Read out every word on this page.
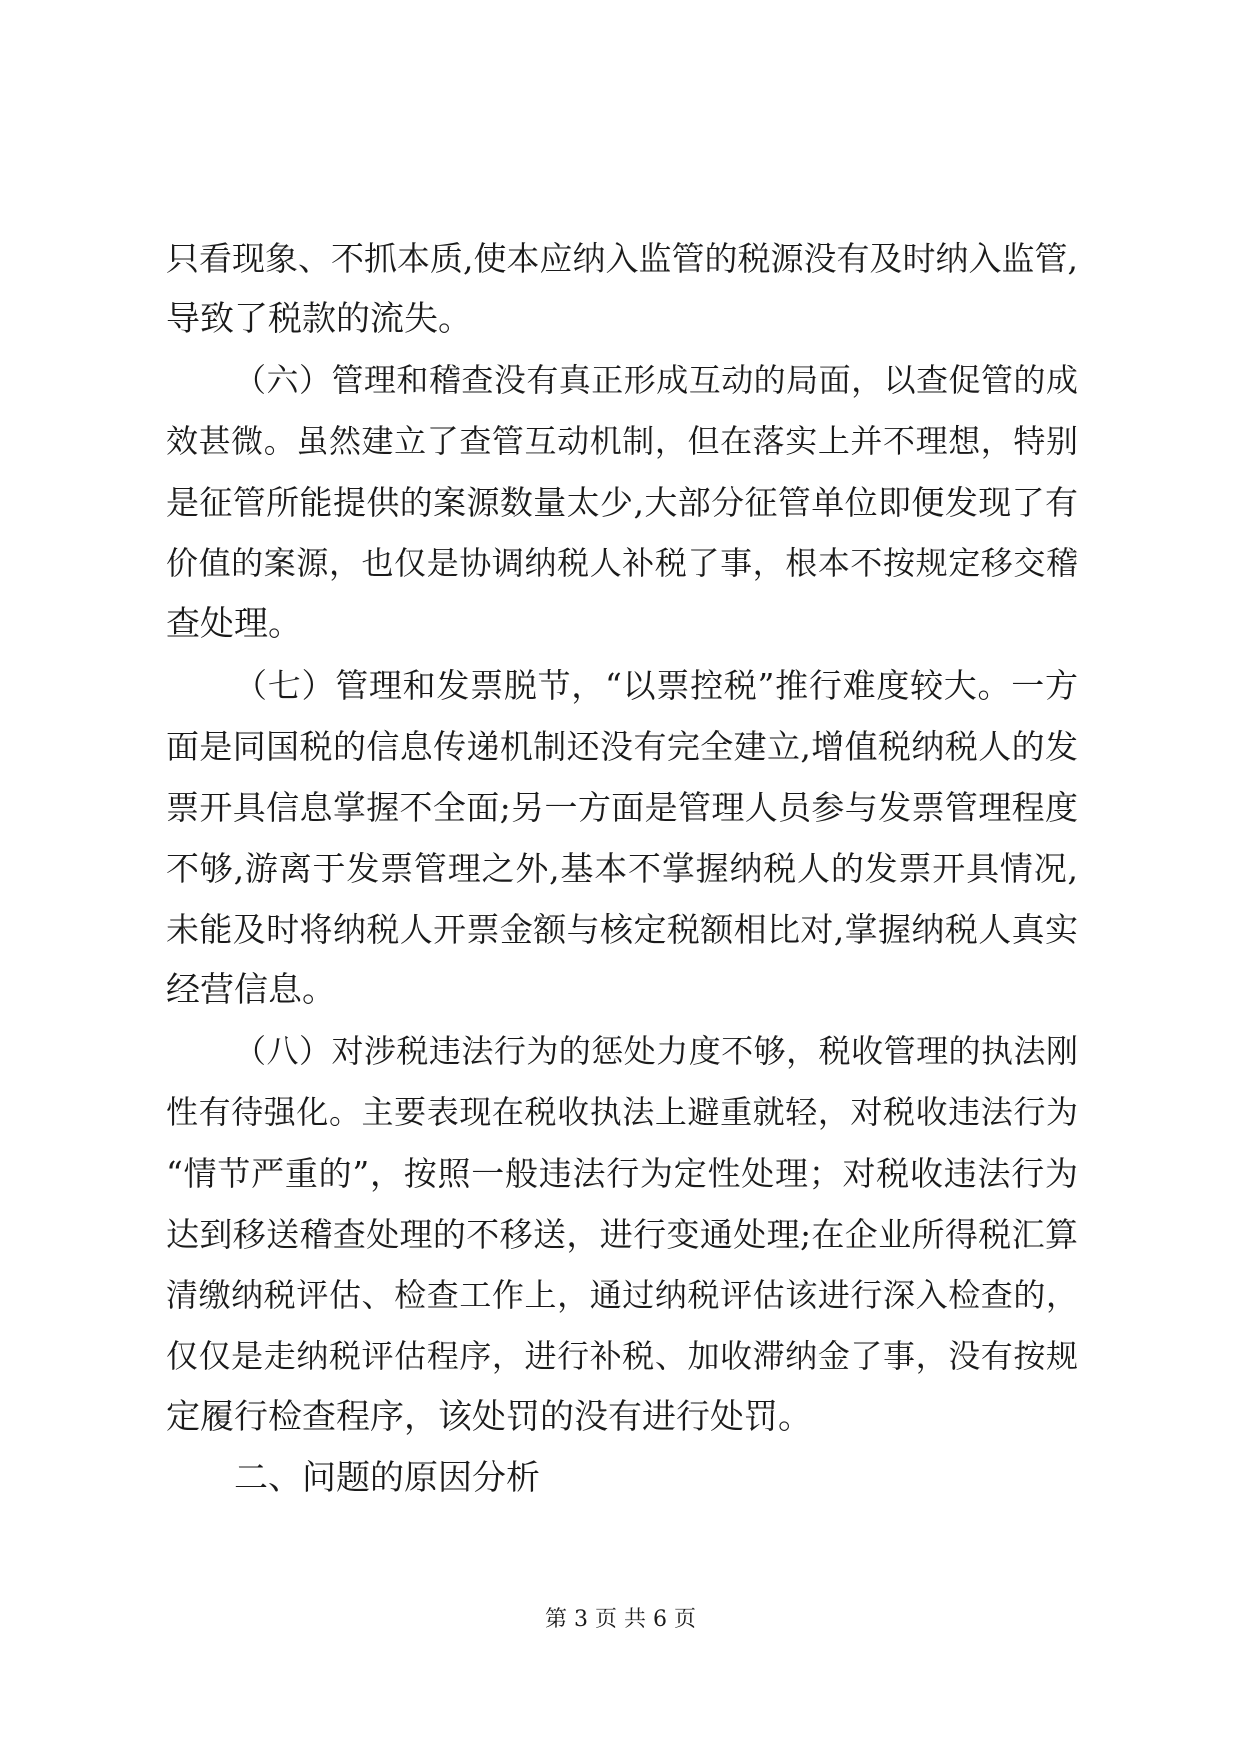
只看现象、不抓本质,使本应纳入监管的税源没有及时纳入监管,
导致了税款的流失。
（六）管理和稽查没有真正形成互动的局面，以查促管的成
效甚微。虽然建立了查管互动机制，但在落实上并不理想，特别
是征管所能提供的案源数量太少,大部分征管单位即便发现了有
价值的案源，也仅是协调纳税人补税了事，根本不按规定移交稽
查处理。
（七）管理和发票脱节，“以票控税”推行难度较大。一方
面是同国税的信息传递机制还没有完全建立,增值税纳税人的发
票开具信息掌握不全面;另一方面是管理人员参与发票管理程度
不够,游离于发票管理之外,基本不掌握纳税人的发票开具情况,
未能及时将纳税人开票金额与核定税额相比对,掌握纳税人真实
经营信息。
（八）对涉税违法行为的惩处力度不够，税收管理的执法刚
性有待强化。主要表现在税收执法上避重就轻，对税收违法行为
“情节严重的”，按照一般违法行为定性处理；对税收违法行为
达到移送稽查处理的不移送，进行变通处理;在企业所得税汇算
清缴纳税评估、检查工作上，通过纳税评估该进行深入检查的，
仅仅是走纳税评估程序，进行补税、加收滞纳金了事，没有按规
定履行检查程序，该处罚的没有进行处罚。
二、问题的原因分析
第 3 页 共 6 页
